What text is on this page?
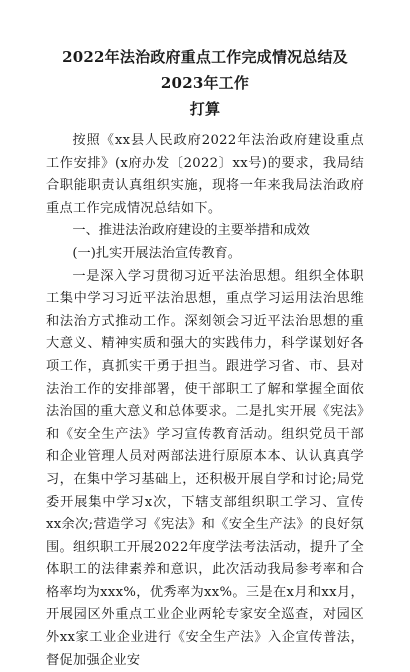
2022年法治政府重点工作完成情况总结及2023年工作

打算

按照《xx县人民政府2022年法治政府建设重点工作安排》(x府办发〔2022〕xx号)的要求，我局结合职能职责认真组织实施，现将一年来我局法治政府重点工作完成情况总结如下。

一、推进法治政府建设的主要举措和成效

(一)扎实开展法治宣传教育。

一是深入学习贯彻习近平法治思想。组织全体职工集中学习习近平法治思想，重点学习运用法治思维和法治方式推动工作。深刻领会习近平法治思想的重大意义、精神实质和强大的实践伟力，科学谋划好各项工作，真抓实干勇于担当。跟进学习省、市、县对法治工作的安排部署，使干部职工了解和掌握全面依法治国的重大意义和总体要求。二是扎实开展《宪法》和《安全生产法》学习宣传教育活动。组织党员干部和企业管理人员对两部法进行原原本本、认认真真学习，在集中学习基础上，还积极开展自学和讨论;局党委开展集中学习x次，下辖支部组织职工学习、宣传xx余次;营造学习《宪法》和《安全生产法》的良好氛围。组织职工开展2022年度学法考法活动，提升了全体职工的法律素养和意识，此次活动我局参考率和合格率均为xxx%，优秀率为xx%。三是在x月和xx月，开展园区外重点工业企业两轮专家安全巡查，对园区外xx家工业企业进行《安全生产法》入企宣传普法，督促加强企业安
